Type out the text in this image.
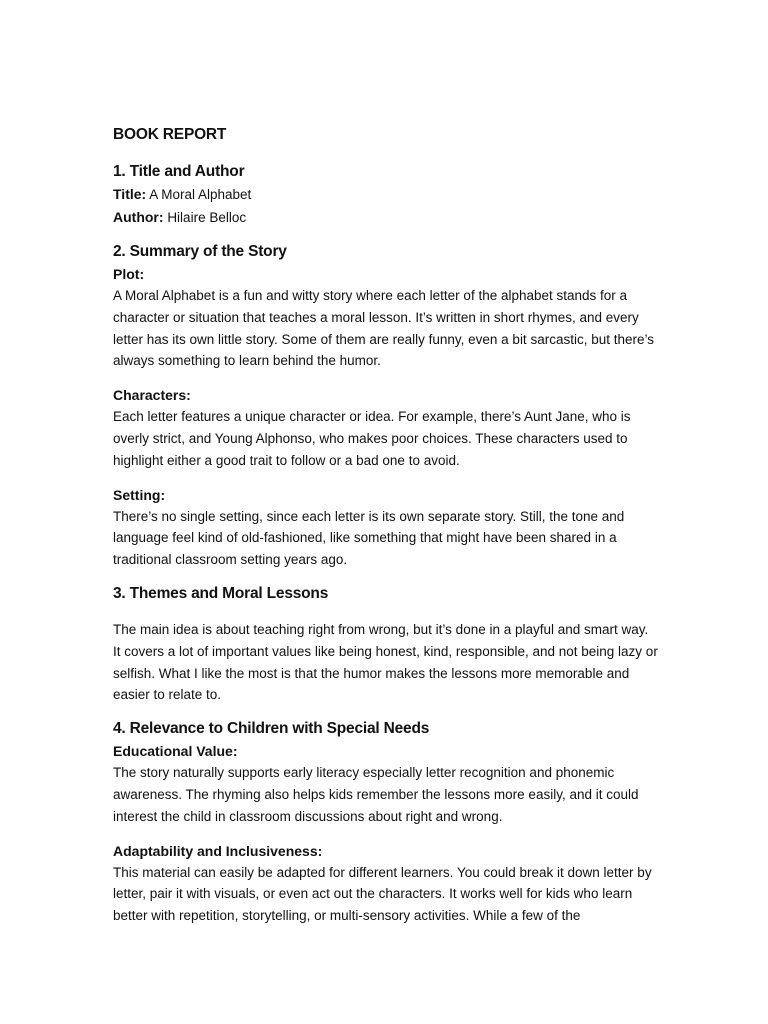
BOOK REPORT
1. Title and Author
Title: A Moral Alphabet
Author: Hilaire Belloc
2. Summary of the Story
Plot:

A Moral Alphabet is a fun and witty story where each letter of the alphabet stands for a character or situation that teaches a moral lesson. It’s written in short rhymes, and every letter has its own little story. Some of them are really funny, even a bit sarcastic, but there’s always something to learn behind the humor.

Characters:

Each letter features a unique character or idea. For example, there’s Aunt Jane, who is overly strict, and Young Alphonso, who makes poor choices. These characters used to highlight either a good trait to follow or a bad one to avoid.

Setting:

There’s no single setting, since each letter is its own separate story. Still, the tone and language feel kind of old-fashioned, like something that might have been shared in a traditional classroom setting years ago.

3. Themes and Moral Lessons

The main idea is about teaching right from wrong, but it’s done in a playful and smart way. It covers a lot of important values like being honest, kind, responsible, and not being lazy or selfish. What I like the most is that the humor makes the lessons more memorable and easier to relate to.

4. Relevance to Children with Special Needs
Educational Value:

The story naturally supports early literacy especially letter recognition and phonemic awareness. The rhyming also helps kids remember the lessons more easily, and it could interest the child in classroom discussions about right and wrong.

Adaptability and Inclusiveness:

This material can easily be adapted for different learners. You could break it down letter by letter, pair it with visuals, or even act out the characters. It works well for kids who learn better with repetition, storytelling, or multi-sensory activities. While a few of the
